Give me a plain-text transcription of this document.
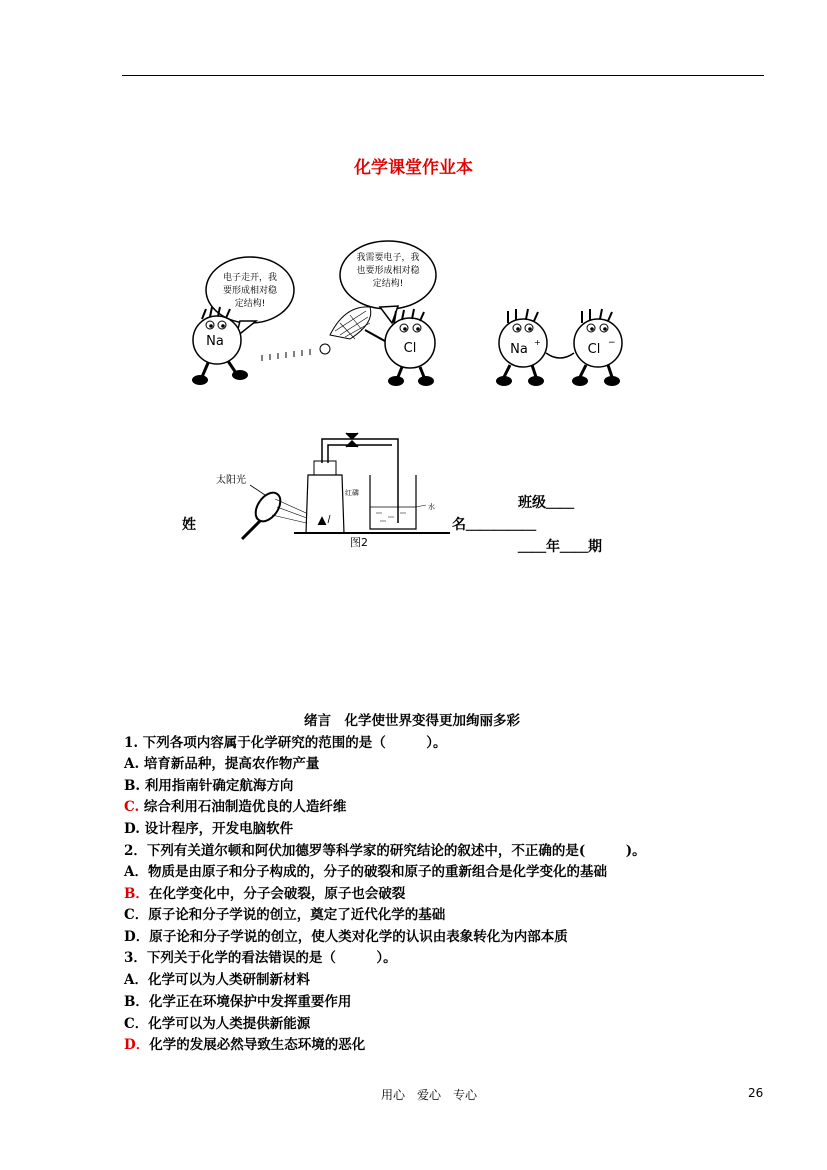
化学课堂作业本
电子走开，我
要形成相对稳
定结构!
我需要电子，我
也要形成相对稳
定结构!
Na	Cl	Na +	Cl −
太阳光
红磷
水
图2
班级＿＿
姓	名＿＿＿＿＿
＿＿年＿＿期
绪言　化学使世界变得更加绚丽多彩
1. 下列各项内容属于化学研究的范围的是（　　　）。
A. 培育新品种，提高农作物产量
B. 利用指南针确定航海方向
C. 综合利用石油制造优良的人造纤维
D. 设计程序，开发电脑软件
2．下列有关道尔顿和阿伏加德罗等科学家的研究结论的叙述中，不正确的是(　　　)。
A．物质是由原子和分子构成的，分子的破裂和原子的重新组合是化学变化的基础
B．在化学变化中，分子会破裂，原子也会破裂
C．原子论和分子学说的创立，奠定了近代化学的基础
D．原子论和分子学说的创立，使人类对化学的认识由表象转化为内部本质
3．下列关于化学的看法错误的是（　　　）。
A．化学可以为人类研制新材料
B．化学正在环境保护中发挥重要作用
C．化学可以为人类提供新能源
D．化学的发展必然导致生态环境的恶化
用心　爱心　专心	26
